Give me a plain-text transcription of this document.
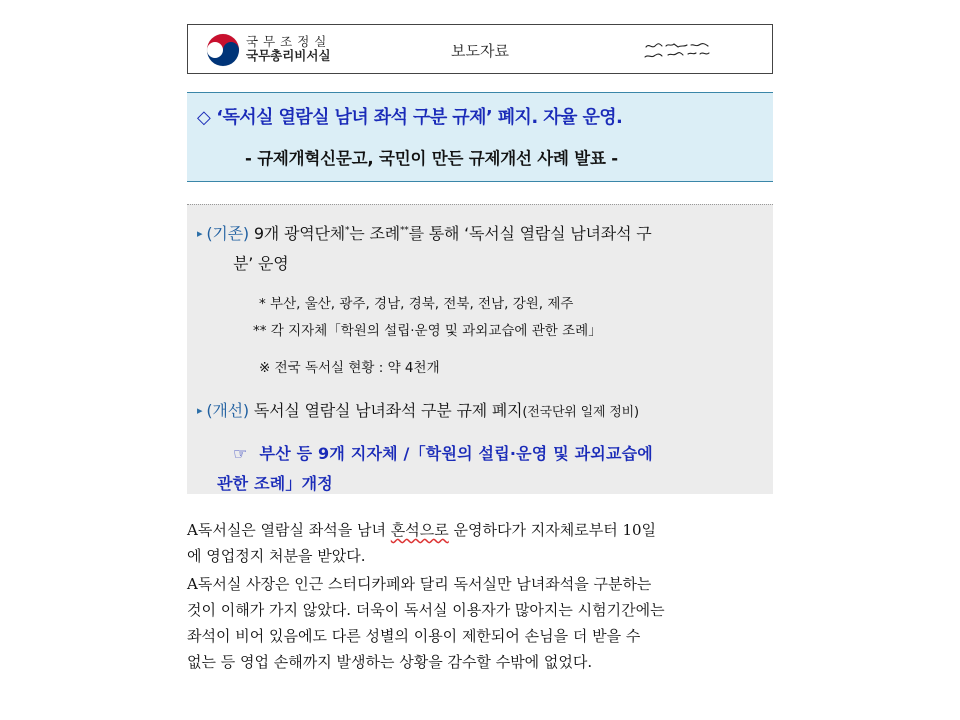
국무조정실
국무총리비서실	보도자료
◇ ‘독서실 열람실 남녀 좌석 구분 규제’ 폐지. 자율 운영.
- 규제개혁신문고, 국민이 만든 규제개선 사례 발표 -
▸ (기존) 9개 광역단체*는 조례**를 통해 ‘독서실 열람실 남녀좌석 구
분’ 운영
* 부산, 울산, 광주, 경남, 경북, 전북, 전남, 강원, 제주
** 각 지자체「학원의 설립·운영 및 과외교습에 관한 조례」
※ 전국 독서실 현황 : 약 4천개
▸ (개선) 독서실 열람실 남녀좌석 구분 규제 폐지(전국단위 일제 정비)
☞ 부산 등 9개 지자체 /「학원의 설립·운영 및 과외교습에
관한 조례」개정
A독서실은 열람실 좌석을 남녀 혼석으로 운영하다가 지자체로부터 10일
에 영업정지 처분을 받았다.
A독서실 사장은 인근 스터디카페와 달리 독서실만 남녀좌석을 구분하는
것이 이해가 가지 않았다. 더욱이 독서실 이용자가 많아지는 시험기간에는
좌석이 비어 있음에도 다른 성별의 이용이 제한되어 손님을 더 받을 수
없는 등 영업 손해까지 발생하는 상황을 감수할 수밖에 없었다.
